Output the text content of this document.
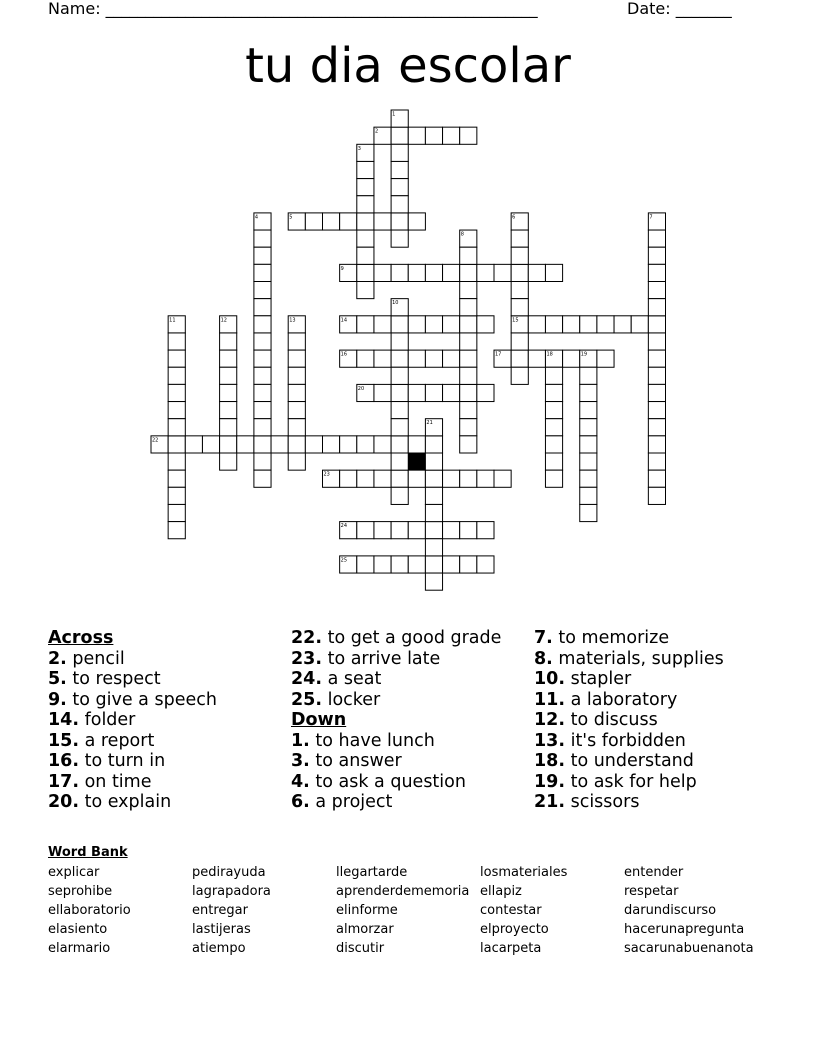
Name: ______________________________________________________	Date: _______
tu dia escolar
1
2
3
4	5	6	7
8
9
10
11	12	13	14	15
16	17	18	19
20
21
22
23
24
25
Across
2. pencil
5. to respect
9. to give a speech
14. folder
15. a report
16. to turn in
17. on time
20. to explain
22. to get a good grade
23. to arrive late
24. a seat
25. locker
Down
1. to have lunch
3. to answer
4. to ask a question
6. a project
7. to memorize
8. materials, supplies
10. stapler
11. a laboratory
12. to discuss
13. it's forbidden
18. to understand
19. to ask for help
21. scissors
Word Bank
explicar
seprohibe
ellaboratorio
elasiento
elarmario
pedirayuda
lagrapadora
entregar
lastijeras
atiempo
llegartarde
aprenderdememoria
elinforme
almorzar
discutir
losmateriales
ellapiz
contestar
elproyecto
lacarpeta
entender
respetar
darundiscurso
hacerunapregunta
sacarunabuenanota
